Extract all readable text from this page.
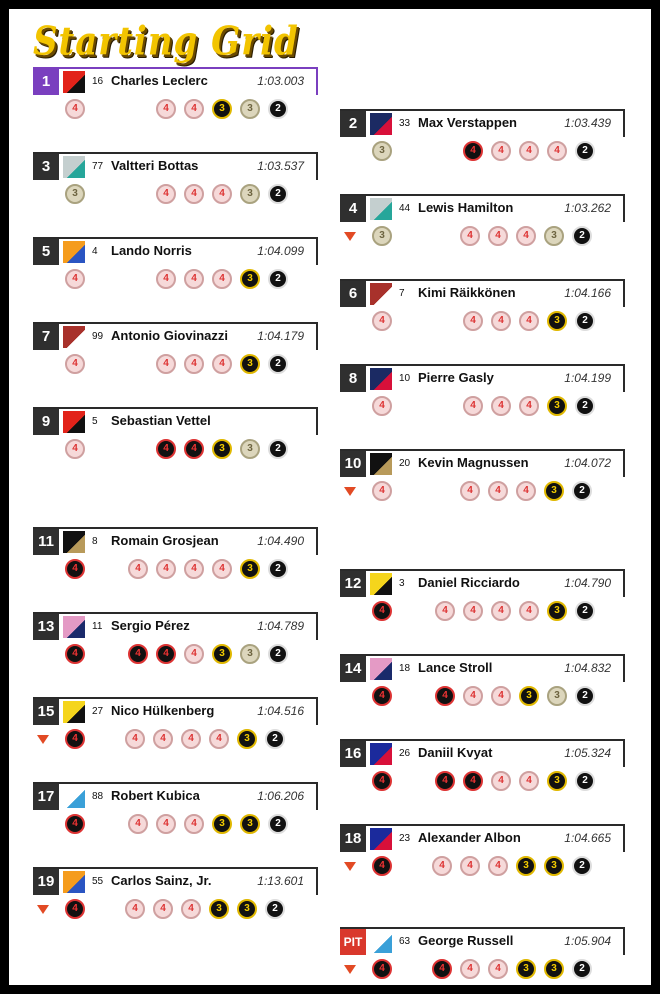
Starting Grid
1	16 Charles Leclerc	1:03.003
4	4	4	3	3	2
2	33 Max Verstappen	1:03.439
3	4	4	4	4	2
3	77 Valtteri Bottas	1:03.537
3	4	4	4	3	2
4	44 Lewis Hamilton	1:03.262
3	4	4	4	3	2
5	4 Lando Norris	1:04.099
4	4	4	4	3	2
6	7 Kimi Räikkönen	1:04.166
4	4	4	4	3	2
7	99 Antonio Giovinazzi 1:04.179
4	4	4	4	3	2
8	10 Pierre Gasly	1:04.199
4	4	4	4	3	2
9	5 Sebastian Vettel
4	4	4	3	3	2
10	20 Kevin Magnussen	1:04.072
4	4	4	4	3	2
11	8 Romain Grosjean	1:04.490
4	4	4	4	4	3	2
12	3 Daniel Ricciardo	1:04.790
4	4	4	4	4	3	2
13	11 Sergio Pérez	1:04.789
4	4	4	4	3	3	2
14	18 Lance Stroll	1:04.832
4	4	4	4	3	3	2
15	27 Nico Hülkenberg	1:04.516
4	4	4	4	4	3	2
16	26 Daniil Kvyat	1:05.324
4	4	4	4	4	3	2
17	88 Robert Kubica	1:06.206
4	4	4	4	3	3	2
18	23 Alexander Albon	1:04.665
4	4	4	4	3	3	2
19	55 Carlos Sainz, Jr.	1:13.601
4	4	4	4	3	3	2
PIT	63 George Russell	1:05.904
4	4	4	4	3	3	2
